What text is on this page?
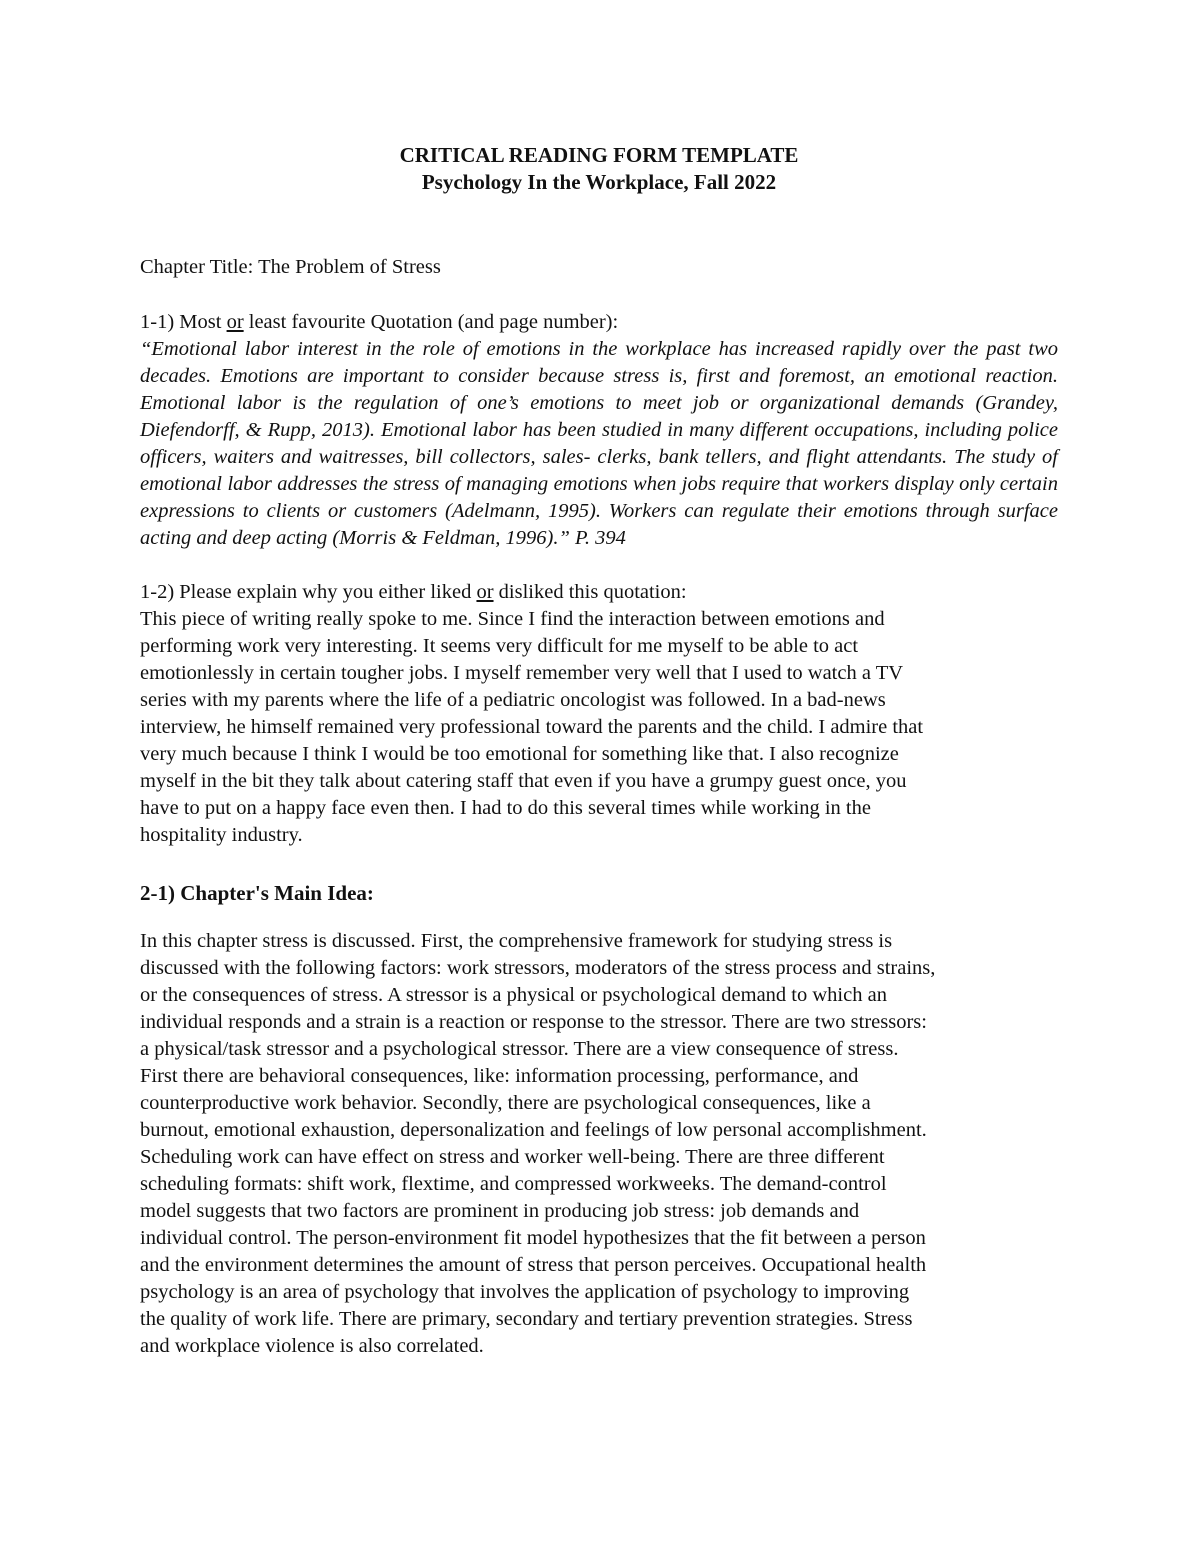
CRITICAL READING FORM TEMPLATE

Psychology In the Workplace, Fall 2022

Chapter Title: The Problem of Stress

1-1) Most or least favourite Quotation (and page number):

“Emotional labor interest in the role of emotions in the workplace has increased rapidly over the past two decades. Emotions are important to consider because stress is, first and foremost, an emotional reaction. Emotional labor is the regulation of one’s emotions to meet job or organizational demands (Grandey, Diefendorff, & Rupp, 2013). Emotional labor has been studied in many different occupations, including police officers, waiters and waitresses, bill collectors, sales- clerks, bank tellers, and flight attendants. The study of emotional labor addresses the stress of managing emotions when jobs require that workers display only certain expressions to clients or customers (Adelmann, 1995). Workers can regulate their emotions through surface acting and deep acting (Morris & Feldman, 1996).” P. 394

1-2) Please explain why you either liked or disliked this quotation:

This piece of writing really spoke to me. Since I find the interaction between emotions and
performing work very interesting. It seems very difficult for me myself to be able to act
emotionlessly in certain tougher jobs. I myself remember very well that I used to watch a TV
series with my parents where the life of a pediatric oncologist was followed. In a bad-news
interview, he himself remained very professional toward the parents and the child. I admire that
very much because I think I would be too emotional for something like that. I also recognize
myself in the bit they talk about catering staff that even if you have a grumpy guest once, you
have to put on a happy face even then. I had to do this several times while working in the
hospitality industry.

2-1) Chapter's Main Idea:

In this chapter stress is discussed. First, the comprehensive framework for studying stress is
discussed with the following factors: work stressors, moderators of the stress process and strains,
or the consequences of stress. A stressor is a physical or psychological demand to which an
individual responds and a strain is a reaction or response to the stressor. There are two stressors:
a physical/task stressor and a psychological stressor. There are a view consequence of stress.
First there are behavioral consequences, like: information processing, performance, and
counterproductive work behavior. Secondly, there are psychological consequences, like a
burnout, emotional exhaustion, depersonalization and feelings of low personal accomplishment.
Scheduling work can have effect on stress and worker well-being. There are three different
scheduling formats: shift work, flextime, and compressed workweeks. The demand-control
model suggests that two factors are prominent in producing job stress: job demands and
individual control. The person-environment fit model hypothesizes that the fit between a person
and the environment determines the amount of stress that person perceives. Occupational health
psychology is an area of psychology that involves the application of psychology to improving
the quality of work life. There are primary, secondary and tertiary prevention strategies. Stress
and workplace violence is also correlated.
